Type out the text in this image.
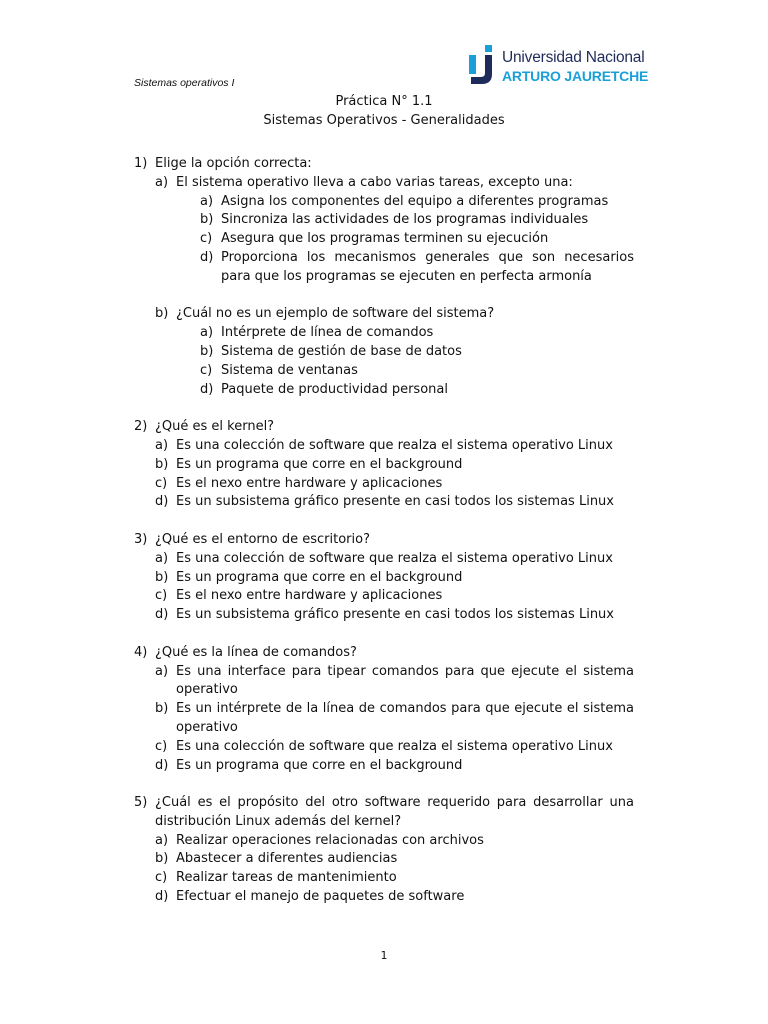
Sistemas operativos I
Universidad Nacional
ARTURO JAURETCHE
Práctica N° 1.1
Sistemas Operativos - Generalidades
1) Elige la opción correcta:
a) El sistema operativo lleva a cabo varias tareas, excepto una:
a) Asigna los componentes del equipo a diferentes programas
b) Sincroniza las actividades de los programas individuales
c) Asegura que los programas terminen su ejecución
d) Proporciona los mecanismos generales que son necesarios para que los programas se ejecuten en perfecta armonía
b) ¿Cuál no es un ejemplo de software del sistema?
a) Intérprete de línea de comandos
b) Sistema de gestión de base de datos
c) Sistema de ventanas
d) Paquete de productividad personal
2) ¿Qué es el kernel?
a) Es una colección de software que realza el sistema operativo Linux
b) Es un programa que corre en el background
c) Es el nexo entre hardware y aplicaciones
d) Es un subsistema gráfico presente en casi todos los sistemas Linux
3) ¿Qué es el entorno de escritorio?
a) Es una colección de software que realza el sistema operativo Linux
b) Es un programa que corre en el background
c) Es el nexo entre hardware y aplicaciones
d) Es un subsistema gráfico presente en casi todos los sistemas Linux
4) ¿Qué es la línea de comandos?
a) Es una interface para tipear comandos para que ejecute el sistema operativo
b) Es un intérprete de la línea de comandos para que ejecute el sistema operativo
c) Es una colección de software que realza el sistema operativo Linux
d) Es un programa que corre en el background
5) ¿Cuál es el propósito del otro software requerido para desarrollar una distribución Linux además del kernel?
a) Realizar operaciones relacionadas con archivos
b) Abastecer a diferentes audiencias
c) Realizar tareas de mantenimiento
d) Efectuar el manejo de paquetes de software
1
